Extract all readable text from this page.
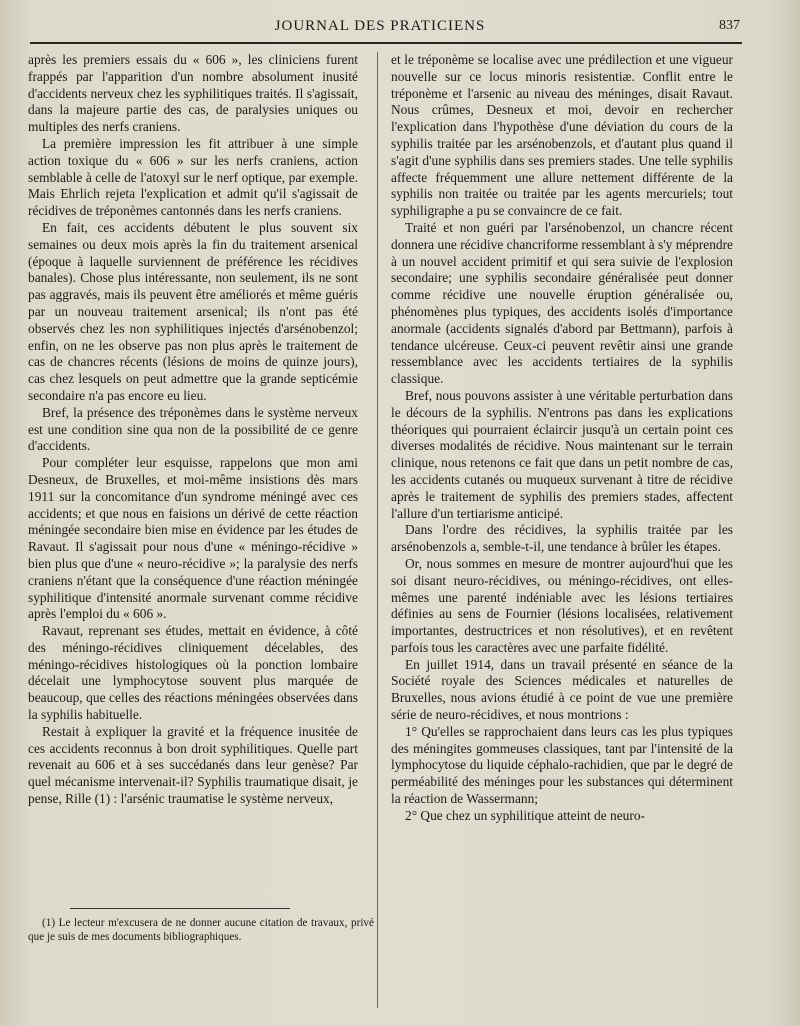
JOURNAL DES PRATICIENS	837

après les premiers essais du « 606 », les cliniciens furent frappés par l'apparition d'un nombre absolument inusité d'accidents nerveux chez les syphilitiques traités. Il s'agissait, dans la majeure partie des cas, de paralysies uniques ou multiples des nerfs craniens.

La première impression les fit attribuer à une simple action toxique du « 606 » sur les nerfs craniens, action semblable à celle de l'atoxyl sur le nerf optique, par exemple. Mais Ehrlich rejeta l'explication et admit qu'il s'agissait de récidives de tréponèmes cantonnés dans les nerfs craniens.

En fait, ces accidents débutent le plus souvent six semaines ou deux mois après la fin du traitement arsenical (époque à laquelle surviennent de préférence les récidives banales). Chose plus intéressante, non seulement, ils ne sont pas aggravés, mais ils peuvent être améliorés et même guéris par un nouveau traitement arsenical; ils n'ont pas été observés chez les non syphilitiques injectés d'arsénobenzol; enfin, on ne les observe pas non plus après le traitement de cas de chancres récents (lésions de moins de quinze jours), cas chez lesquels on peut admettre que la grande septicémie secondaire n'a pas encore eu lieu.

Bref, la présence des tréponèmes dans le système nerveux est une condition sine qua non de la possibilité de ce genre d'accidents.

Pour compléter leur esquisse, rappelons que mon ami Desneux, de Bruxelles, et moi-même insistions dès mars 1911 sur la concomitance d'un syndrome méningé avec ces accidents; et que nous en faisions un dérivé de cette réaction méningée secondaire bien mise en évidence par les études de Ravaut. Il s'agissait pour nous d'une « méningo-récidive » bien plus que d'une « neuro-récidive »; la paralysie des nerfs craniens n'étant que la conséquence d'une réaction méningée syphilitique d'intensité anormale survenant comme récidive après l'emploi du « 606 ».

Ravaut, reprenant ses études, mettait en évidence, à côté des méningo-récidives cliniquement décelables, des méningo-récidives histologiques où la ponction lombaire décelait une lymphocytose souvent plus marquée de beaucoup, que celles des réactions méningées observées dans la syphilis habituelle.

Restait à expliquer la gravité et la fréquence inusitée de ces accidents reconnus à bon droit syphilitiques. Quelle part revenait au 606 et à ses succédanés dans leur genèse? Par quel mécanisme intervenait-il? Syphilis traumatique disait, je pense, Rille (1) : l'arsénic traumatise le système nerveux,

et le tréponème se localise avec une prédilection et une vigueur nouvelle sur ce locus minoris resistentiæ. Conflit entre le tréponème et l'arsenic au niveau des méninges, disait Ravaut. Nous crûmes, Desneux et moi, devoir en rechercher l'explication dans l'hypothèse d'une déviation du cours de la syphilis traitée par les arsénobenzols, et d'autant plus quand il s'agit d'une syphilis dans ses premiers stades. Une telle syphilis affecte fréquemment une allure nettement différente de la syphilis non traitée ou traitée par les agents mercuriels; tout syphiligraphe a pu se convaincre de ce fait.

Traité et non guéri par l'arsénobenzol, un chancre récent donnera une récidive chancriforme ressemblant à s'y méprendre à un nouvel accident primitif et qui sera suivie de l'explosion secondaire; une syphilis secondaire généralisée peut donner comme récidive une nouvelle éruption généralisée ou, phénomènes plus typiques, des accidents isolés d'importance anormale (accidents signalés d'abord par Bettmann), parfois à tendance ulcéreuse. Ceux-ci peuvent revêtir ainsi une grande ressemblance avec les accidents tertiaires de la syphilis classique.

Bref, nous pouvons assister à une véritable perturbation dans le décours de la syphilis. N'entrons pas dans les explications théoriques qui pourraient éclaircir jusqu'à un certain point ces diverses modalités de récidive. Nous maintenant sur le terrain clinique, nous retenons ce fait que dans un petit nombre de cas, les accidents cutanés ou muqueux survenant à titre de récidive après le traitement de syphilis des premiers stades, affectent l'allure d'un tertiarisme anticipé.

Dans l'ordre des récidives, la syphilis traitée par les arsénobenzols a, semble-t-il, une tendance à brûler les étapes.

Or, nous sommes en mesure de montrer aujourd'hui que les soi disant neuro-récidives, ou méningo-récidives, ont elles-mêmes une parenté indéniable avec les lésions tertiaires définies au sens de Fournier (lésions localisées, relativement importantes, destructrices et non résolutives), et en revêtent parfois tous les caractères avec une parfaite fidélité.

En juillet 1914, dans un travail présenté en séance de la Société royale des Sciences médicales et naturelles de Bruxelles, nous avions étudié à ce point de vue une première série de neuro-récidives, et nous montrions :

1° Qu'elles se rapprochaient dans leurs cas les plus typiques des méningites gommeuses classiques, tant par l'intensité de la lymphocytose du liquide céphalo-rachidien, que par le degré de perméabilité des méninges pour les substances qui déterminent la réaction de Wassermann;

2° Que chez un syphilitique atteint de neuro-

(1) Le lecteur m'excusera de ne donner aucune citation de travaux, privé que je suis de mes documents bibliographiques.
